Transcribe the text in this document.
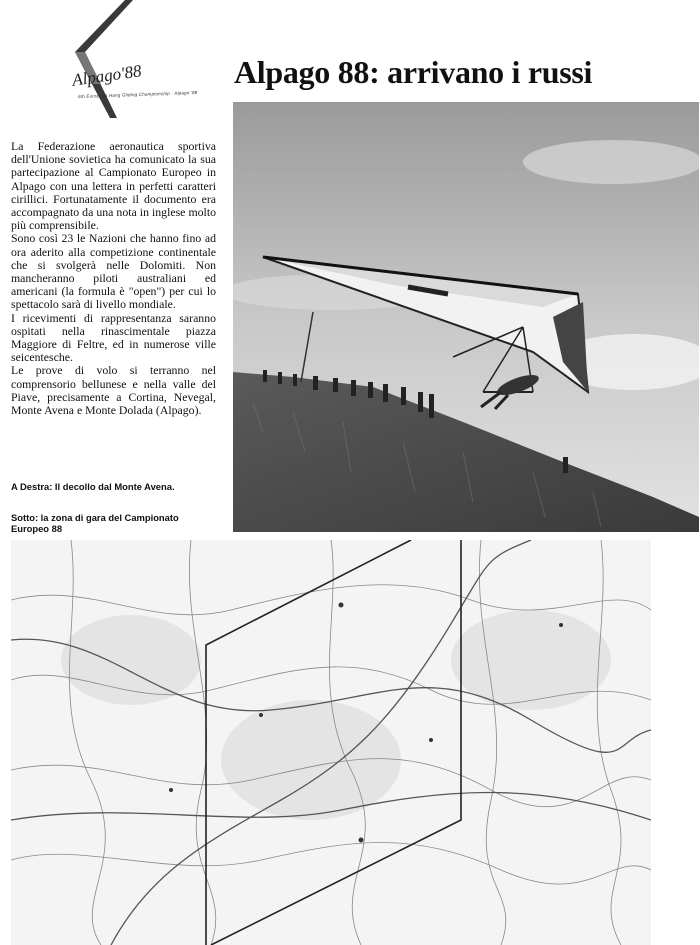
Alpago'88
6th European Hang Gliding Championship · Alpago '88
Alpago 88: arrivano i russi

La Federazione aeronautica sportiva dell'Unione sovietica ha comunicato la sua partecipazione al Campionato Europeo in Alpago con una lettera in perfetti caratteri cirillici. Fortunatamente il documento era accompagnato da una nota in inglese molto più comprensibile.

Sono così 23 le Nazioni che hanno fino ad ora aderito alla competizione continentale che si svolgerà nelle Dolomiti. Non mancheranno piloti australiani ed americani (la formula è "open") per cui lo spettacolo sarà di livello mondiale.

I ricevimenti di rappresentanza saranno ospitati nella rinascimentale piazza Maggiore di Feltre, ed in numerose ville seicentesche.

Le prove di volo si terranno nel comprensorio bellunese e nella valle del Piave, precisamente a Cortina, Nevegal, Monte Avena e Monte Dolada (Alpago).

A Destra: Il decollo dal Monte Avena.
Sotto: la zona di gara del Campionato Europeo 88
